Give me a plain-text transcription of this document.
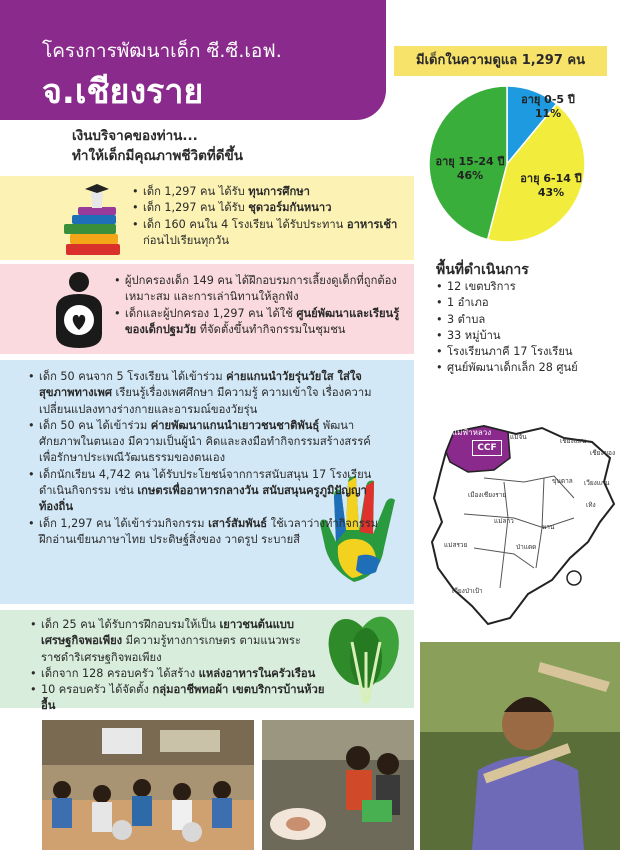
โครงการพัฒนาเด็ก ซี.ซี.เอฟ.
จ.เชียงราย
เงินบริจาคของท่าน...
ทำให้เด็กมีคุณภาพชีวิตที่ดีขึ้น
• เด็ก 1,297 คน ได้รับ ทุนการศึกษา
• เด็ก 1,297 คน ได้รับ ชุดวอร์มกันหนาว
• เด็ก 160 คนใน 4 โรงเรียน ได้รับประทาน อาหารเช้า ก่อนไปเรียนทุกวัน
• ผู้ปกครองเด็ก 149 คน ได้ฝึกอบรมการเลี้ยงดูเด็กที่ถูกต้องเหมาะสม และการเล่านิทานให้ลูกฟัง
• เด็กและผู้ปกครอง 1,297 คน ได้ใช้ ศูนย์พัฒนาและเรียนรู้ของเด็กปฐมวัย ที่จัดตั้งขึ้นทำกิจกรรมในชุมชน
• เด็ก 50 คนจาก 5 โรงเรียน ได้เข้าร่วม ค่ายแกนนำวัยรุ่นวัยใส ใส่ใจสุขภาพทางเพศ เรียนรู้เรื่องเพศศึกษา มีความรู้ ความเข้าใจ เรื่องความเปลี่ยนแปลงทางร่างกายและอารมณ์ของวัยรุ่น
• เด็ก 50 คน ได้เข้าร่วม ค่ายพัฒนาแกนนำเยาวชนชาติพันธุ์ พัฒนาศักยภาพในตนเอง มีความเป็นผู้นำ คิดและลงมือทำกิจกรรมสร้างสรรค์เพื่อรักษาประเพณีวัฒนธรรมของตนเอง
• เด็กนักเรียน 4,742 คน ได้รับประโยชน์จากการสนับสนุน 17 โรงเรียน ดำเนินกิจกรรม เช่น เกษตรเพื่ออาหารกลางวัน สนับสนุนครูภูมิปัญญาท้องถิ่น
• เด็ก 1,297 คน ได้เข้าร่วมกิจกรรม เสาร์สัมพันธ์ ใช้เวลาว่างทำกิจกรรม ฝึกอ่านเขียนภาษาไทย ประดิษฐ์สิ่งของ วาดรูป ระบายสี
• เด็ก 25 คน ได้รับการฝึกอบรมให้เป็น เยาวชนต้นแบบเศรษฐกิจพอเพียง มีความรู้ทางการเกษตร ตามแนวพระราชดำริเศรษฐกิจพอเพียง
• เด็กจาก 128 ครอบครัว ได้สร้าง แหล่งอาหารในครัวเรือน
• 10 ครอบครัว ได้จัดตั้ง กลุ่มอาชีพทอผ้า เขตบริการบ้านห้วยอื้น
มีเด็กในความดูแล 1,297 คน
อายุ 0-5 ปี
11%
อายุ 6-14 ปี
43%
อายุ 15-24 ปี
46%
พื้นที่ดำเนินการ
• 12 เขตบริการ
• 1 อำเภอ
• 3 ตำบล
• 33 หมู่บ้าน
• โรงเรียนภาคี 17 โรงเรียน
• ศูนย์พัฒนาเด็กเล็ก 28 ศูนย์
แม่ฟ้าหลวง
CCF
แม่จัน	เชียงแสน
เชียงของ
เวียงแก่น
เทิง
พาน
แม่ลาว
เมืองเชียงราย
แม่สรวย
เวียงป่าเป้า
ป่าแดด
ขุนตาล
